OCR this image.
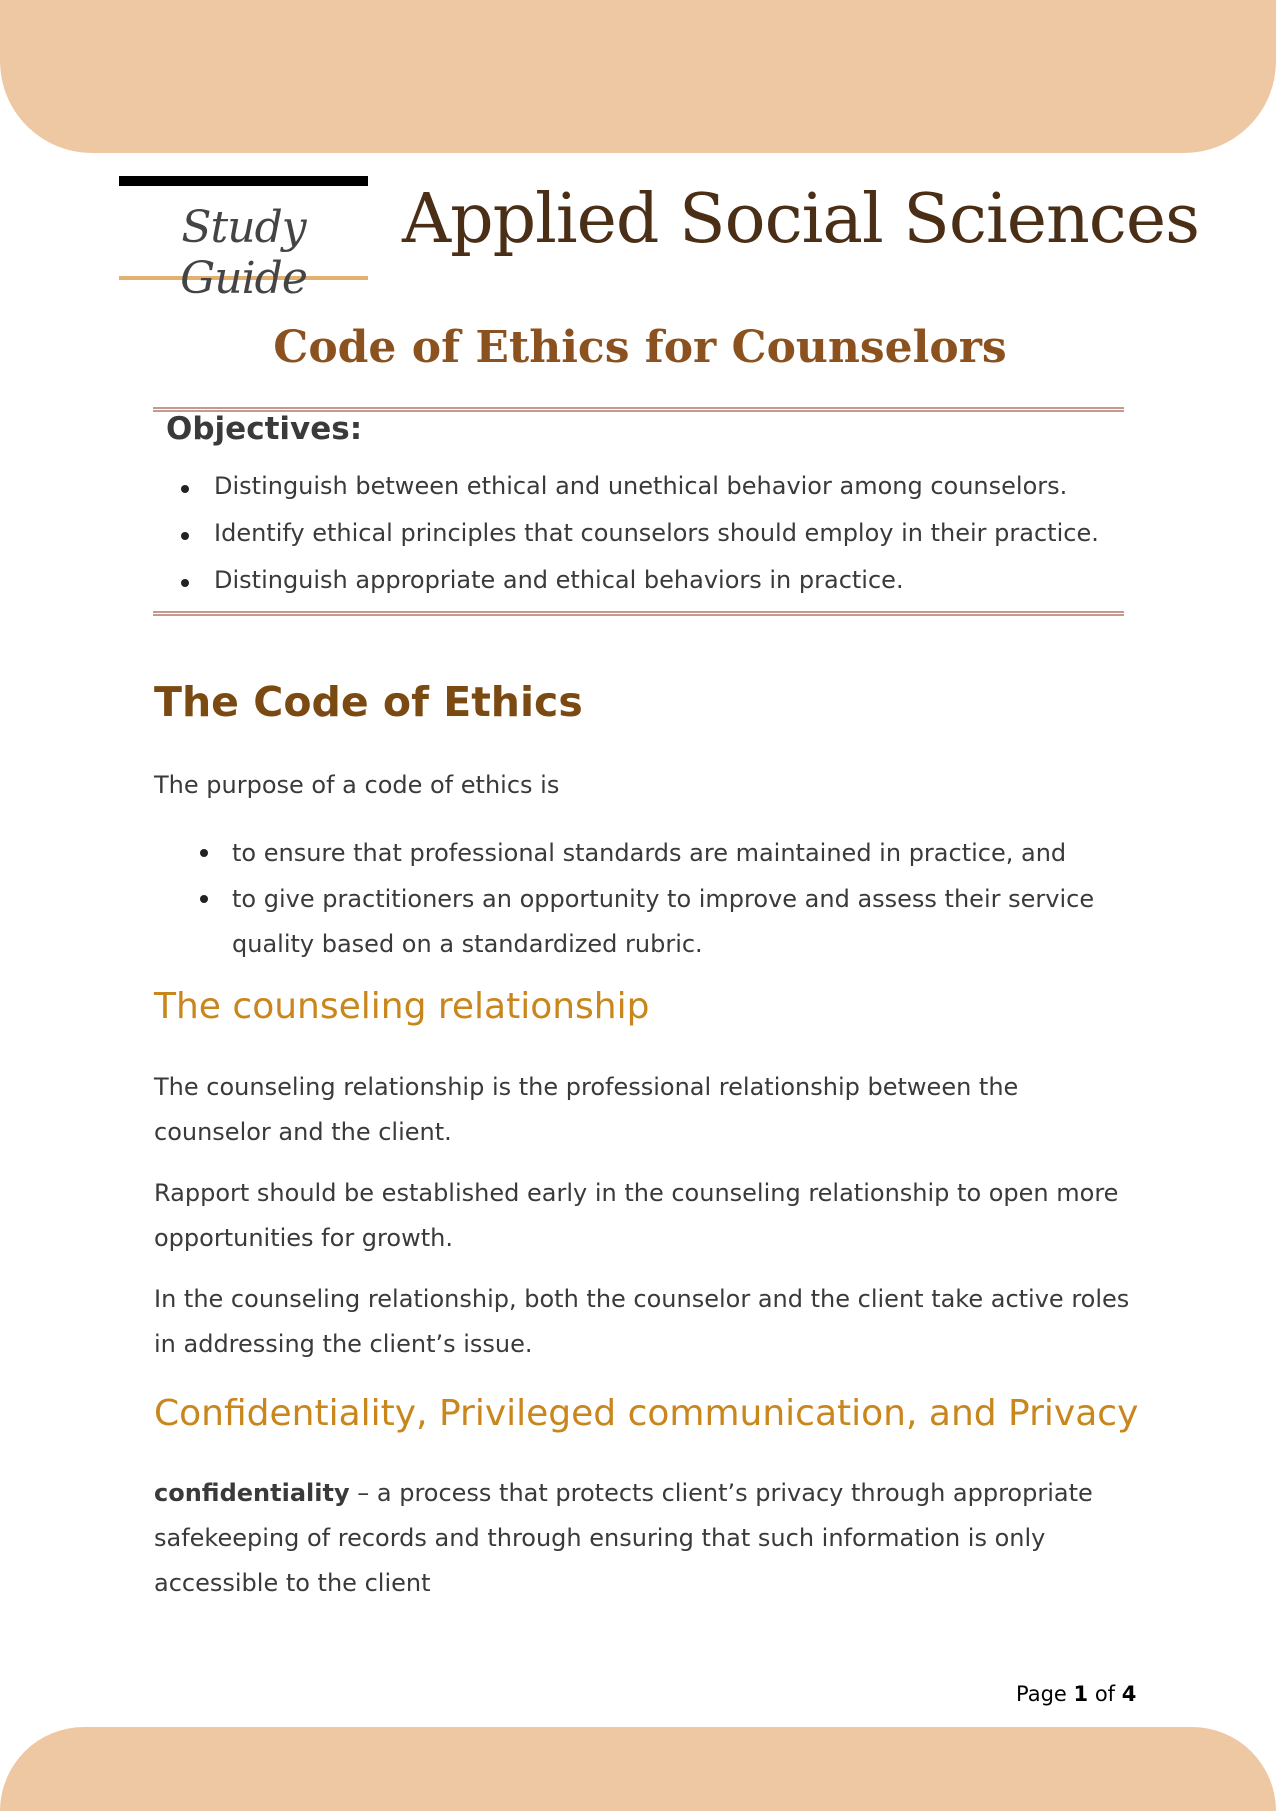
Study Guide
Applied Social Sciences
Code of Ethics for Counselors
Objectives:
Distinguish between ethical and unethical behavior among counselors.
Identify ethical principles that counselors should employ in their practice.
Distinguish appropriate and ethical behaviors in practice.
The Code of Ethics

The purpose of a code of ethics is

to ensure that professional standards are maintained in practice, and
to give practitioners an opportunity to improve and assess their service quality based on a standardized rubric.
The counseling relationship

The counseling relationship is the professional relationship between the counselor and the client.

Rapport should be established early in the counseling relationship to open more opportunities for growth.

In the counseling relationship, both the counselor and the client take active roles in addressing the client’s issue.

Confidentiality, Privileged communication, and Privacy

confidentiality – a process that protects client’s privacy through appropriate safekeeping of records and through ensuring that such information is only accessible to the client

Page 1 of 4
